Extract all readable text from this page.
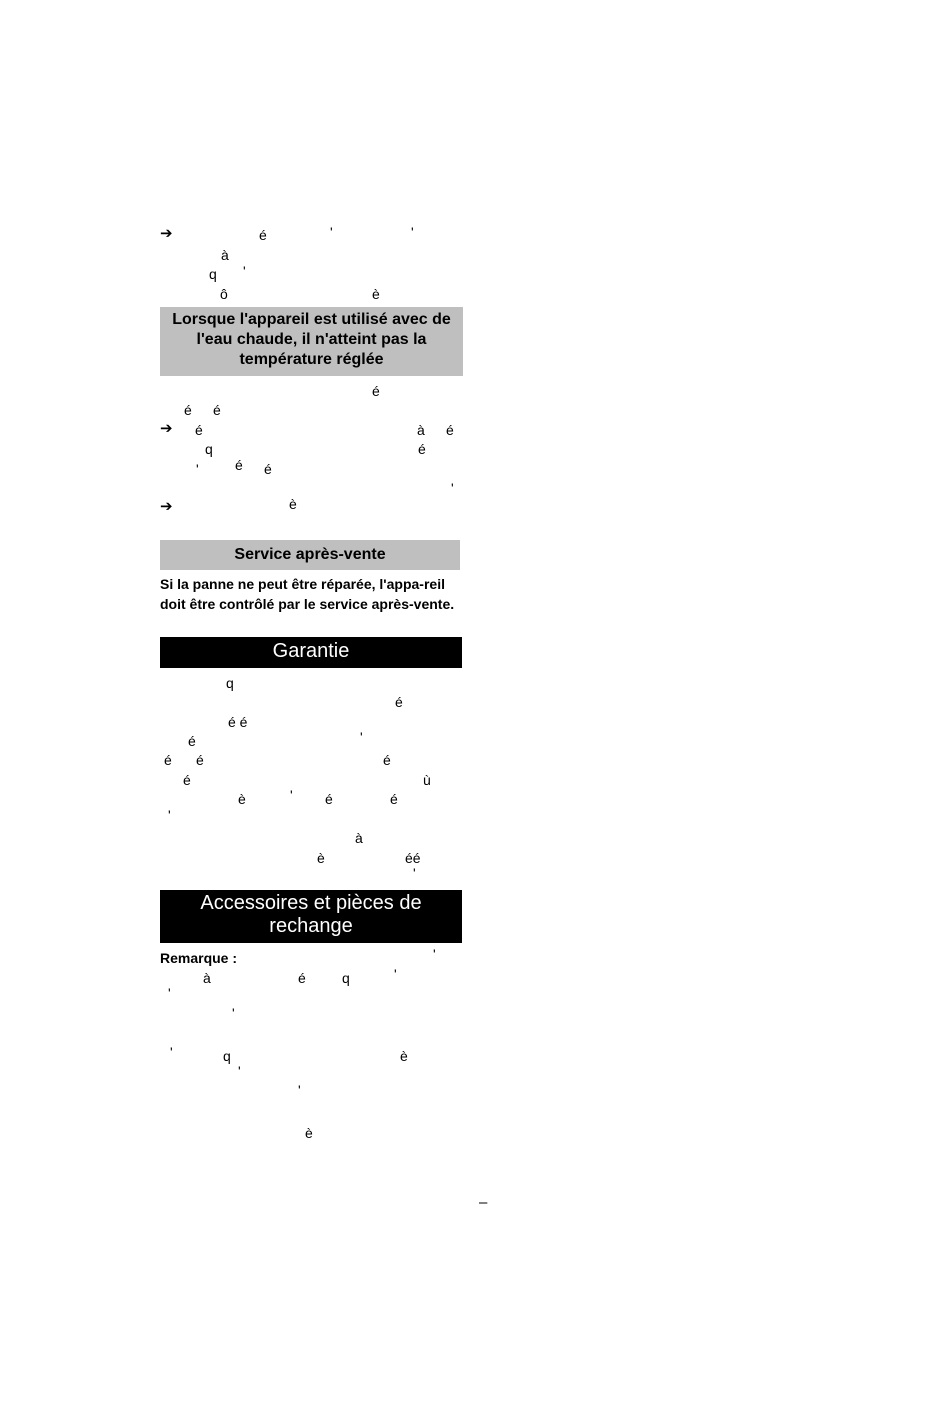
➔	é	'	'
à
q '
ô	è
Lorsque l'appareil est utilisé avec de l'eau chaude, il n'atteint pas la température réglée
é
é é
➔ é	à é
q	é
'	é é
'
➔	è
Service après-vente
Si la panne ne peut être réparée, l'appa-reil doit être contrôlé par le service après-vente.
Garantie
q
é
é é
'
é
é é	é
é	ù
è	' é	é
'
à
è	éé
'
Accessoires et pièces de rechange
Remarque :	'
à	é	q	'
'
'
'	q	è
'
'
è
–
